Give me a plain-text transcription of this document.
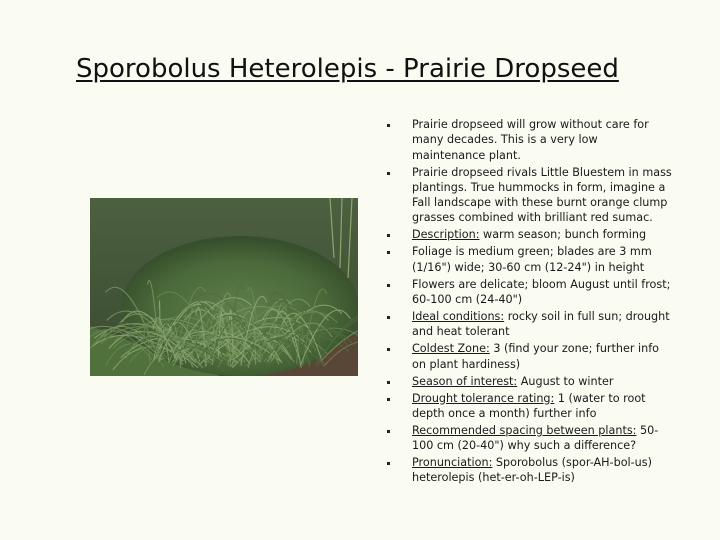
Sporobolus Heterolepis - Prairie Dropseed
Prairie dropseed will grow without care for many decades. This is a very low maintenance plant.
Prairie dropseed rivals Little Bluestem in mass plantings. True hummocks in form, imagine a Fall landscape with these burnt orange clump grasses combined with brilliant red sumac.
Description: warm season; bunch forming
Foliage is medium green; blades are 3 mm (1/16") wide; 30-60 cm (12-24") in height
Flowers are delicate; bloom August until frost; 60-100 cm (24-40")
Ideal conditions: rocky soil in full sun; drought and heat tolerant
Coldest Zone: 3 (find your zone; further info on plant hardiness)
Season of interest: August to winter
Drought tolerance rating: 1 (water to root depth once a month) further info
Recommended spacing between plants: 50-100 cm (20-40") why such a difference?
Pronunciation: Sporobolus (spor-AH-bol-us) heterolepis (het-er-oh-LEP-is)
